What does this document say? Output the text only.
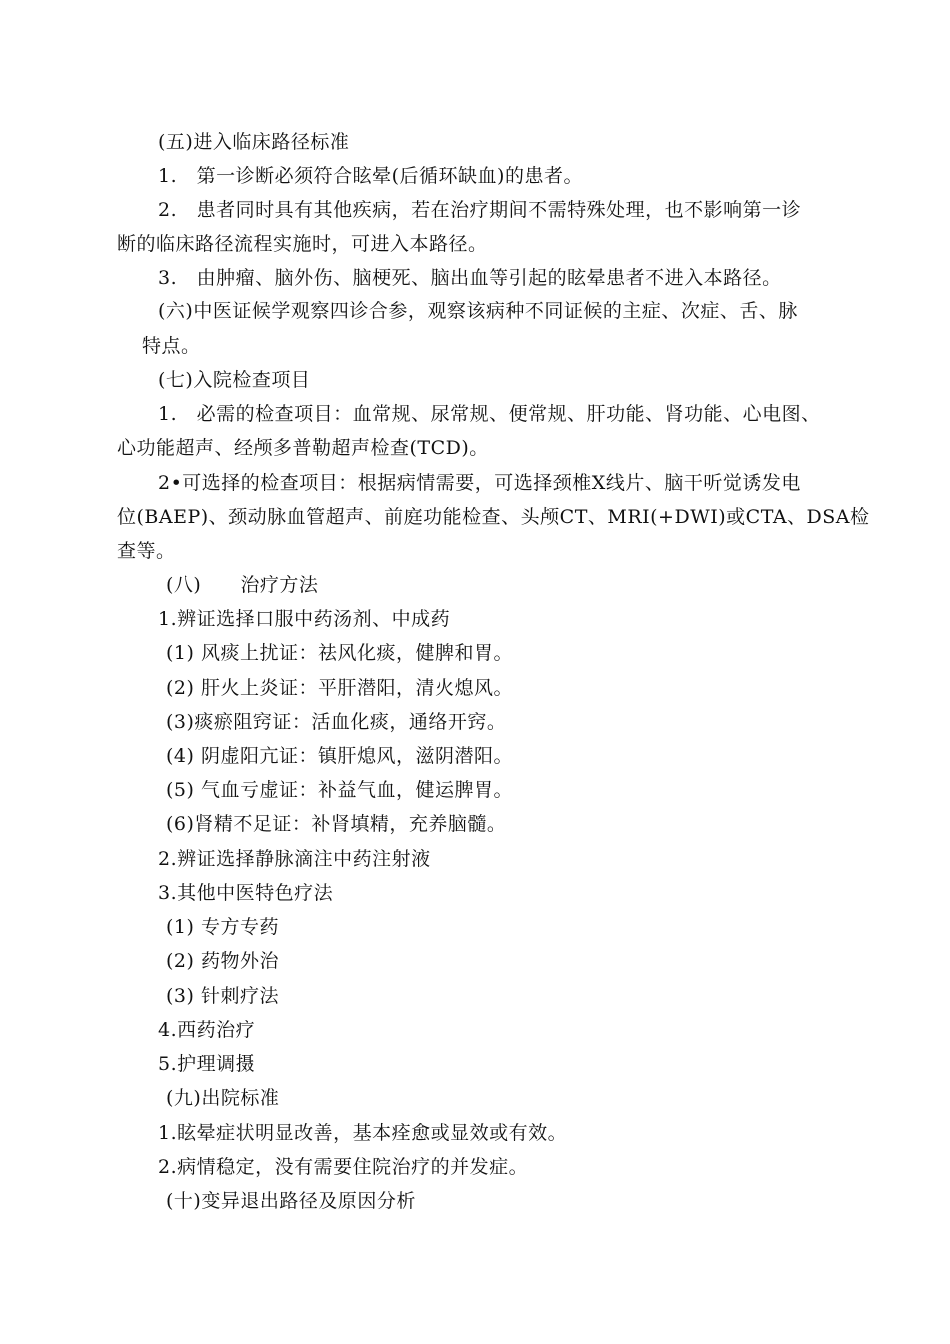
(五)进入临床路径标准
1.　第一诊断必须符合眩晕(后循环缺血)的患者。
2.　患者同时具有其他疾病，若在治疗期间不需特殊处理，也不影响第一诊
断的临床路径流程实施时，可进入本路径。
3.　由肿瘤、脑外伤、脑梗死、脑出血等引起的眩晕患者不进入本路径。
(六)中医证候学观察四诊合参，观察该病种不同证候的主症、次症、舌、脉
特点。
(七)入院检查项目
1.　必需的检查项目：血常规、尿常规、便常规、肝功能、肾功能、心电图、
心功能超声、经颅多普勒超声检查(TCD)。
2•可选择的检查项目：根据病情需要，可选择颈椎X线片、脑干听觉诱发电
位(BAEP)、颈动脉血管超声、前庭功能检查、头颅CT、MRI(+DWI)或CTA、DSA检
查等。
(八)　　治疗方法
1.辨证选择口服中药汤剂、中成药
(1) 风痰上扰证：祛风化痰，健脾和胃。
(2) 肝火上炎证：平肝潜阳，清火熄风。
(3)痰瘀阻窍证：活血化痰，通络开窍。
(4) 阴虚阳亢证：镇肝熄风，滋阴潜阳。
(5) 气血亏虚证：补益气血，健运脾胃。
(6)肾精不足证：补肾填精，充养脑髓。
2.辨证选择静脉滴注中药注射液
3.其他中医特色疗法
(1) 专方专药
(2) 药物外治
(3) 针刺疗法
4.西药治疗
5.护理调摄
(九)出院标准
1.眩晕症状明显改善，基本痊愈或显效或有效。
2.病情稳定，没有需要住院治疗的并发症。
(十)变异退出路径及原因分析
